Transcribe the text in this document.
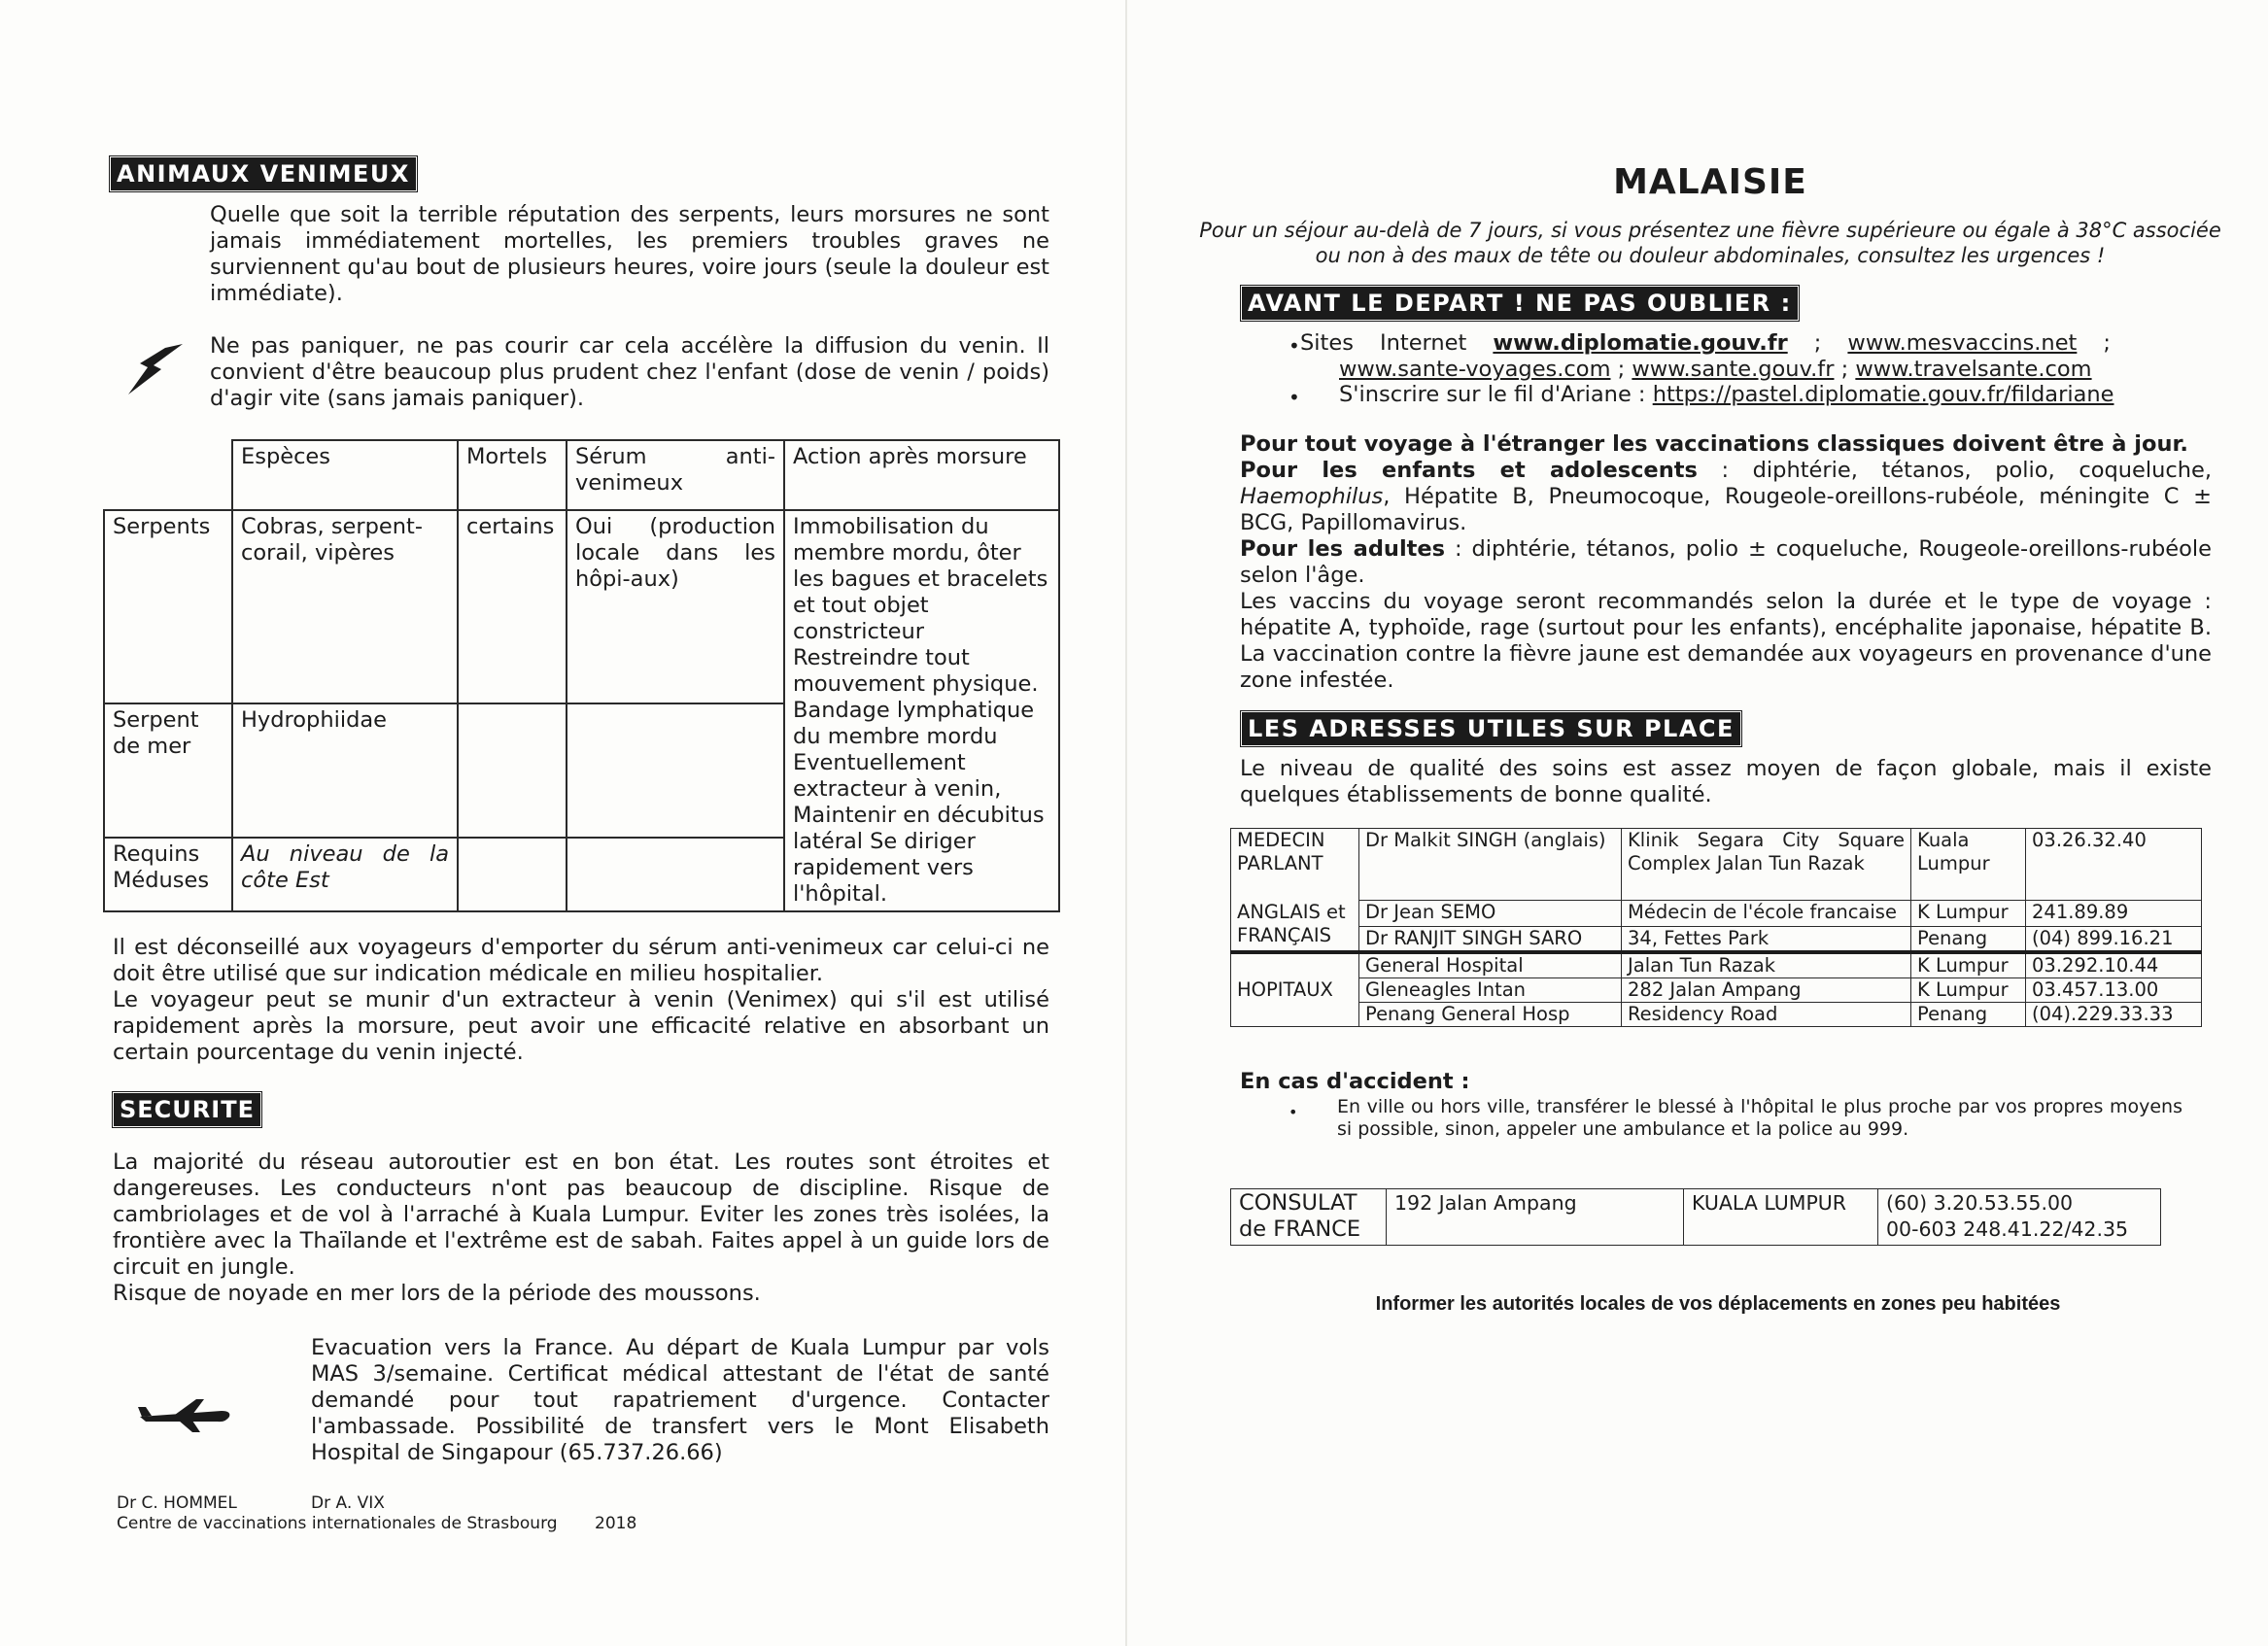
ANIMAUX VENIMEUX
Quelle que soit la terrible réputation des serpents, leurs morsures ne sont jamais immédiatement mortelles, les premiers troubles graves ne surviennent qu'au bout de plusieurs heures, voire jours (seule la douleur est immédiate).
Ne pas paniquer, ne pas courir car cela accélère la diffusion du venin. Il convient d'être beaucoup plus prudent chez l'enfant (dose de venin / poids) d'agir vite (sans jamais paniquer).
	Espèces	Mortels	Sérum anti-venimeux	Action après morsure
Serpents	Cobras, serpent-corail, vipères	certains	Oui (production locale dans les hôpi-aux)	Immobilisation du membre mordu, ôter les bagues et bracelets et tout objet constricteur Restreindre tout mouvement physique. Bandage lymphatique du membre mordu Eventuellement extracteur à venin, Maintenir en décubitus latéral Se diriger rapidement vers l'hôpital.
Serpent de mer	Hydrophiidae			
Requins Méduses	Au niveau de la côte Est			
Il est déconseillé aux voyageurs d'emporter du sérum anti-venimeux car celui-ci ne doit être utilisé que sur indication médicale en milieu hospitalier.
Le voyageur peut se munir d'un extracteur à venin (Venimex) qui s'il est utilisé rapidement après la morsure, peut avoir une efficacité relative en absorbant un certain pourcentage du venin injecté.
SECURITE
La majorité du réseau autoroutier est en bon état. Les routes sont étroites et dangereuses. Les conducteurs n'ont pas beaucoup de discipline. Risque de cambriolages et de vol à l'arraché à Kuala Lumpur. Eviter les zones très isolées, la frontière avec la Thaïlande et l'extrême est de sabah. Faites appel à un guide lors de circuit en jungle.
Risque de noyade en mer lors de la période des moussons.
Evacuation vers la France. Au départ de Kuala Lumpur par vols MAS 3/semaine. Certificat médical attestant de l'état de santé demandé pour tout rapatriement d'urgence. Contacter l'ambassade. Possibilité de transfert vers le Mont Elisabeth Hospital de Singapour (65.737.26.66)
Dr C. HOMMEL	Dr A. VIX
Centre de vaccinations internationales de Strasbourg 2018
MALAISIE
Pour un séjour au-delà de 7 jours, si vous présentez une fièvre supérieure ou égale à 38°C associée ou non à des maux de tête ou douleur abdominales, consultez les urgences !
AVANT LE DEPART ! NE PAS OUBLIER :
• Sites Internet www.diplomatie.gouv.fr ; www.mesvaccins.net ;
www.sante-voyages.com ; www.sante.gouv.fr ; www.travelsante.com
• S'inscrire sur le fil d'Ariane : https://pastel.diplomatie.gouv.fr/fildariane
Pour tout voyage à l'étranger les vaccinations classiques doivent être à jour.
Pour les enfants et adolescents : diphtérie, tétanos, polio, coqueluche, Haemophilus, Hépatite B, Pneumocoque, Rougeole-oreillons-rubéole, méningite C ± BCG, Papillomavirus.
Pour les adultes : diphtérie, tétanos, polio ± coqueluche, Rougeole-oreillons-rubéole selon l'âge.
Les vaccins du voyage seront recommandés selon la durée et le type de voyage : hépatite A, typhoïde, rage (surtout pour les enfants), encéphalite japonaise, hépatite B. La vaccination contre la fièvre jaune est demandée aux voyageurs en provenance d'une zone infestée.
LES ADRESSES UTILES SUR PLACE
Le niveau de qualité des soins est assez moyen de façon globale, mais il existe quelques établissements de bonne qualité.
MEDECIN PARLANT	Dr Malkit SINGH (anglais)	Klinik Segara City Square Complex Jalan Tun Razak	Kuala Lumpur	03.26.32.40
ANGLAIS et FRANÇAIS	Dr Jean SEMO	Médecin de l'école francaise	K Lumpur	241.89.89
	Dr RANJIT SINGH SARO	34, Fettes Park	Penang	(04) 899.16.21
HOPITAUX	General Hospital	Jalan Tun Razak	K Lumpur	03.292.10.44
	Gleneagles Intan	282 Jalan Ampang	K Lumpur	03.457.13.00
	Penang General Hosp	Residency Road	Penang	(04).229.33.33
En cas d'accident :
• En ville ou hors ville, transférer le blessé à l'hôpital le plus proche par vos propres moyens si possible, sinon, appeler une ambulance et la police au 999.
CONSULAT de FRANCE	192 Jalan Ampang	KUALA LUMPUR	(60) 3.20.53.55.00
00-603 248.41.22/42.35
Informer les autorités locales de vos déplacements en zones peu habitées
